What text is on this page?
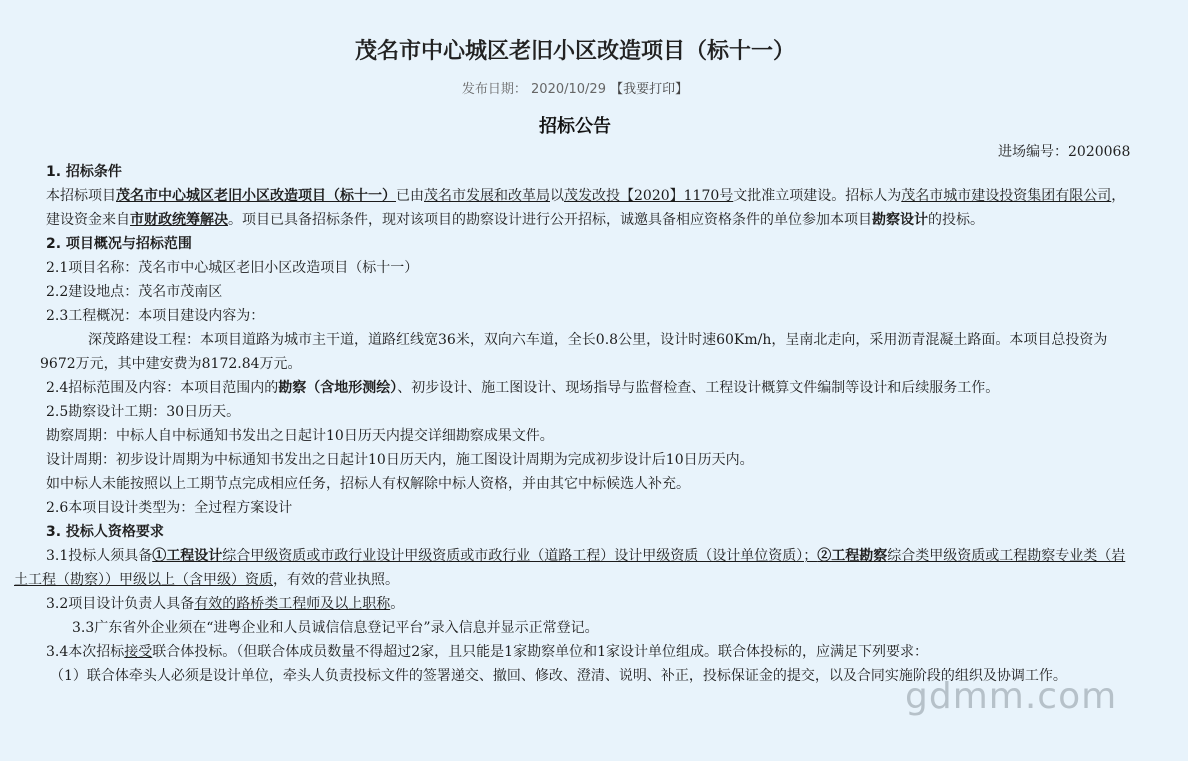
茂名市中心城区老旧小区改造项目（标十一）
发布日期： 2020/10/29 【我要打印】
招标公告
进场编号：2020068

1. 招标条件

本招标项目茂名市中心城区老旧小区改造项目（标十一）已由茂名市发展和改革局以茂发改投【2020】1170号文批准立项建设。招标人为茂名市城市建设投资集团有限公司，建设资金来自市财政统筹解决。项目已具备招标条件，现对该项目的勘察设计进行公开招标，诚邀具备相应资格条件的单位参加本项目勘察设计的投标。

2. 项目概况与招标范围

2.1项目名称：茂名市中心城区老旧小区改造项目（标十一）

2.2建设地点：茂名市茂南区

2.3工程概况：本项目建设内容为：

深茂路建设工程：本项目道路为城市主干道，道路红线宽36米，双向六车道，全长0.8公里，设计时速60Km/h，呈南北走向，采用沥青混凝土路面。本项目总投资为9672万元，其中建安费为8172.84万元。

2.4招标范围及内容：本项目范围内的勘察（含地形测绘）、初步设计、施工图设计、现场指导与监督检查、工程设计概算文件编制等设计和后续服务工作。

2.5勘察设计工期：30日历天。

勘察周期：中标人自中标通知书发出之日起计10日历天内提交详细勘察成果文件。

设计周期：初步设计周期为中标通知书发出之日起计10日历天内，施工图设计周期为完成初步设计后10日历天内。

如中标人未能按照以上工期节点完成相应任务，招标人有权解除中标人资格，并由其它中标候选人补充。

2.6本项目设计类型为：全过程方案设计

3. 投标人资格要求

3.1投标人须具备①工程设计综合甲级资质或市政行业设计甲级资质或市政行业（道路工程）设计甲级资质（设计单位资质）；②工程勘察综合类甲级资质或工程勘察专业类（岩土工程（勘察））甲级以上（含甲级）资质，有效的营业执照。

3.2项目设计负责人具备有效的路桥类工程师及以上职称。

3.3广东省外企业须在“进粤企业和人员诚信信息登记平台”录入信息并显示正常登记。

3.4本次招标接受联合体投标。（但联合体成员数量不得超过2家，且只能是1家勘察单位和1家设计单位组成。联合体投标的，应满足下列要求：

（1）联合体牵头人必须是设计单位，牵头人负责投标文件的签署递交、撤回、修改、澄清、说明、补正，投标保证金的提交，以及合同实施阶段的组织及协调工作。

gdmm.com
